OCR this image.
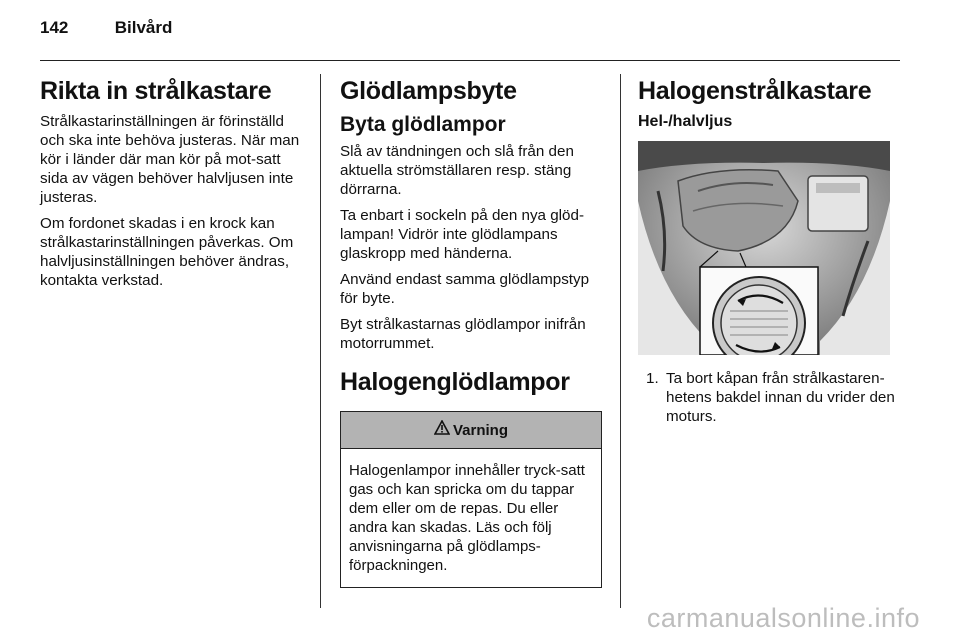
142	Bilvård
Rikta in strålkastare

Strålkastarinställningen är förinställd och ska inte behöva justeras. När man kör i länder där man kör på mot-satt sida av vägen behöver halvljusen inte justeras.

Om fordonet skadas i en krock kan strålkastarinställningen påverkas. Om halvljusinställningen behöver ändras, kontakta verkstad.

Glödlampsbyte
Byta glödlampor

Slå av tändningen och slå från den aktuella strömställaren resp. stäng dörrarna.

Ta enbart i sockeln på den nya glöd-lampan! Vidrör inte glödlampans glaskropp med händerna.

Använd endast samma glödlampstyp för byte.

Byt strålkastarnas glödlampor inifrån motorrummet.

Halogenglödlampor
Varning
Halogenlampor innehåller tryck-satt gas och kan spricka om du tappar dem eller om de repas. Du eller andra kan skadas. Läs och följ anvisningarna på glödlamps-förpackningen.
Halogenstrålkastare
Hel-/halvljus
1. Ta bort kåpan från strålkastaren-hetens bakdel innan du vrider den moturs.
carmanualsonline.info
